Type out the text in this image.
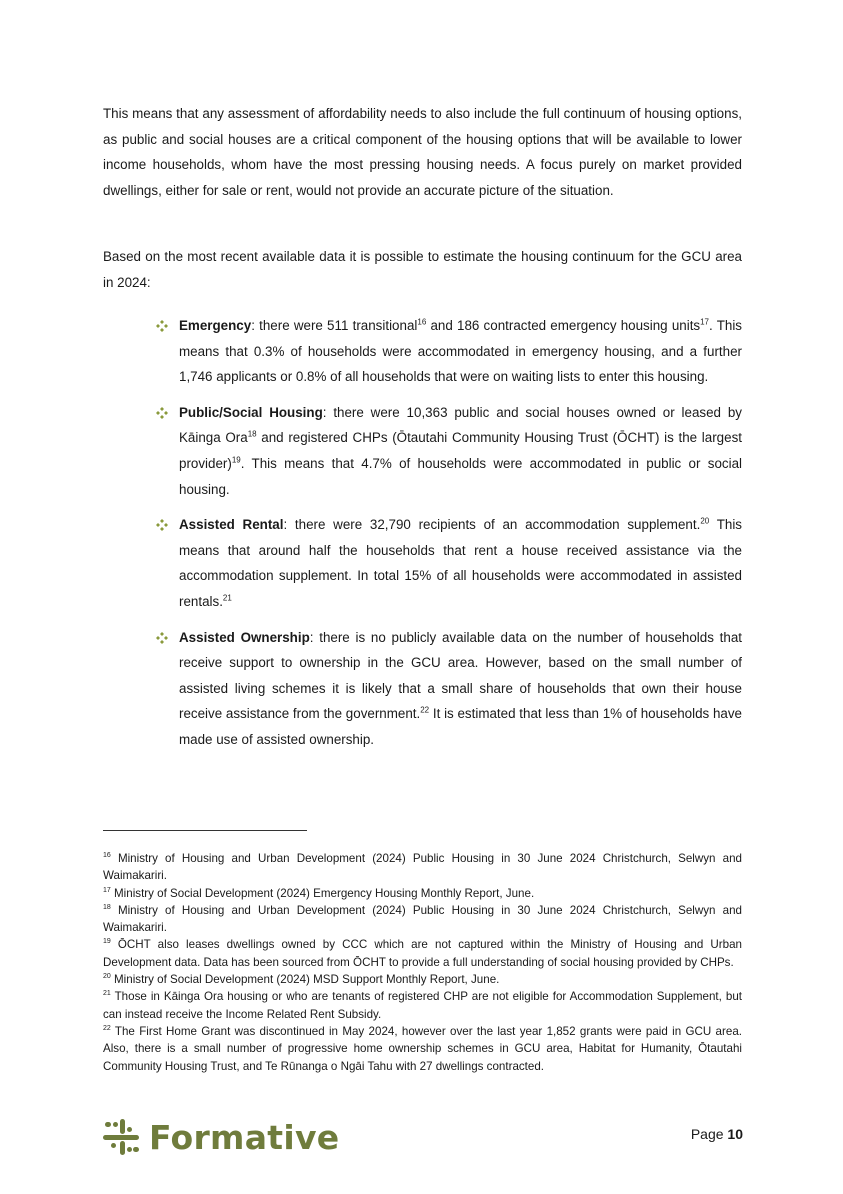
This means that any assessment of affordability needs to also include the full continuum of housing options, as public and social houses are a critical component of the housing options that will be available to lower income households, whom have the most pressing housing needs. A focus purely on market provided dwellings, either for sale or rent, would not provide an accurate picture of the situation.

Based on the most recent available data it is possible to estimate the housing continuum for the GCU area in 2024:

Emergency: there were 511 transitional$^{16}$ and 186 contracted emergency housing units$^{17}$. This means that 0.3% of households were accommodated in emergency housing, and a further 1,746 applicants or 0.8% of all households that were on waiting lists to enter this housing.
Public/Social Housing: there were 10,363 public and social houses owned or leased by Kāinga Ora$^{18}$ and registered CHPs (Ōtautahi Community Housing Trust (ŌCHT) is the largest provider)$^{19}$. This means that 4.7% of households were accommodated in public or social housing.
Assisted Rental: there were 32,790 recipients of an accommodation supplement.$^{20}$ This means that around half the households that rent a house received assistance via the accommodation supplement. In total 15% of all households were accommodated in assisted rentals.$^{21}$
Assisted Ownership: there is no publicly available data on the number of households that receive support to ownership in the GCU area. However, based on the small number of assisted living schemes it is likely that a small share of households that own their house receive assistance from the government.$^{22}$ It is estimated that less than 1% of households have made use of assisted ownership.

$^{16}$ Ministry of Housing and Urban Development (2024) Public Housing in 30 June 2024 Christchurch, Selwyn and Waimakariri.

$^{17}$ Ministry of Social Development (2024) Emergency Housing Monthly Report, June.

$^{18}$ Ministry of Housing and Urban Development (2024) Public Housing in 30 June 2024 Christchurch, Selwyn and Waimakariri.

$^{19}$ ŌCHT also leases dwellings owned by CCC which are not captured within the Ministry of Housing and Urban Development data. Data has been sourced from ŌCHT to provide a full understanding of social housing provided by CHPs.

$^{20}$ Ministry of Social Development (2024) MSD Support Monthly Report, June.

$^{21}$ Those in Kāinga Ora housing or who are tenants of registered CHP are not eligible for Accommodation Supplement, but can instead receive the Income Related Rent Subsidy.

$^{22}$ The First Home Grant was discontinued in May 2024, however over the last year 1,852 grants were paid in GCU area. Also, there is a small number of progressive home ownership schemes in GCU area, Habitat for Humanity, Ōtautahi Community Housing Trust, and Te Rūnanga o Ngāi Tahu with 27 dwellings contracted.

Formative	Page 10
